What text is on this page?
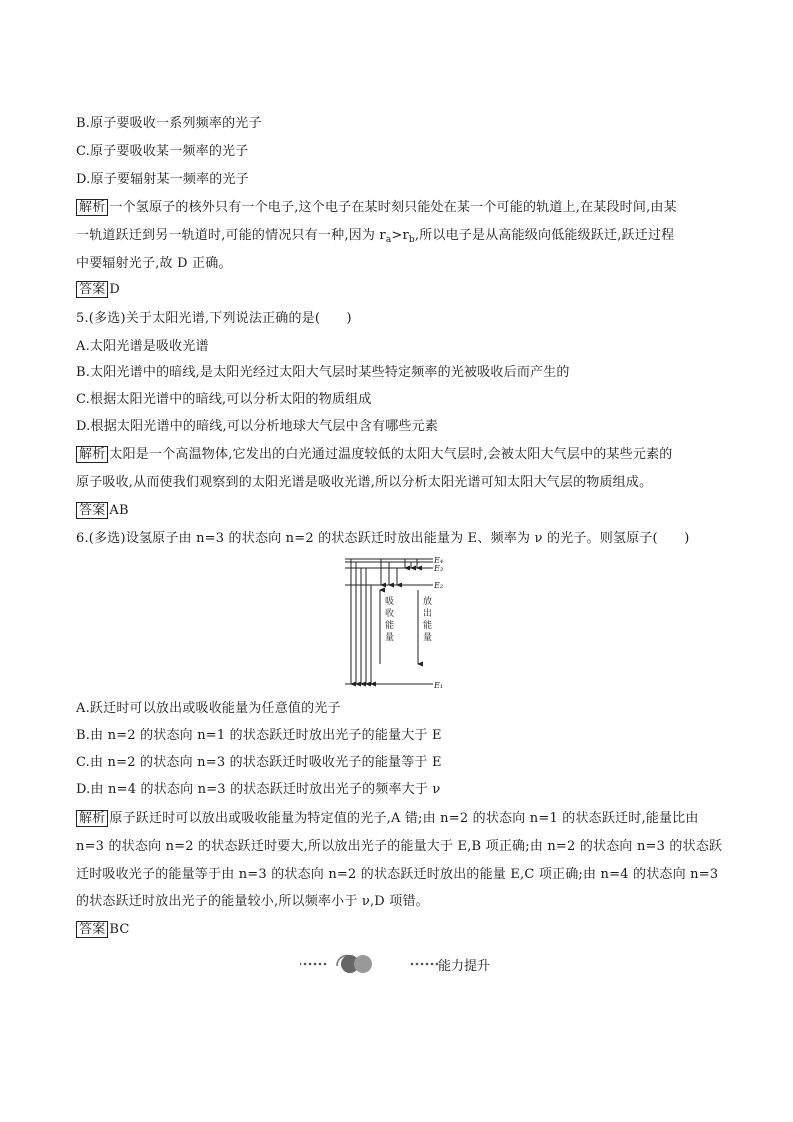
B.原子要吸收一系列频率的光子
C.原子要吸收某一频率的光子
D.原子要辐射某一频率的光子
解析 一个氢原子的核外只有一个电子,这个电子在某时刻只能处在某一个可能的轨道上,在某段时间,由某
一轨道跃迁到另一轨道时,可能的情况只有一种,因为 $r_a>r_b$,所以电子是从高能级向低能级跃迁,跃迁过程
中要辐射光子,故 D 正确。
答案 D
5.(多选)关于太阳光谱,下列说法正确的是(　　)
A.太阳光谱是吸收光谱
B.太阳光谱中的暗线,是太阳光经过太阳大气层时某些特定频率的光被吸收后而产生的
C.根据太阳光谱中的暗线,可以分析太阳的物质组成
D.根据太阳光谱中的暗线,可以分析地球大气层中含有哪些元素
解析 太阳是一个高温物体,它发出的白光通过温度较低的太阳大气层时,会被太阳大气层中的某些元素的
原子吸收,从而使我们观察到的太阳光谱是吸收光谱,所以分析太阳光谱可知太阳大气层的物质组成。
答案 AB
6.(多选)设氢原子由 n=3 的状态向 n=2 的状态跃迁时放出能量为 E、频率为 ν 的光子。则氢原子(　　)
吸
收
能
量
放
出
能
量
E₄
E₃
E₂
E₁
A.跃迁时可以放出或吸收能量为任意值的光子
B.由 n=2 的状态向 n=1 的状态跃迁时放出光子的能量大于 E
C.由 n=2 的状态向 n=3 的状态跃迁时吸收光子的能量等于 E
D.由 n=4 的状态向 n=3 的状态跃迁时放出光子的频率大于 ν
解析 原子跃迁时可以放出或吸收能量为特定值的光子,A 错;由 n=2 的状态向 n=1 的状态跃迁时,能量比由
n=3 的状态向 n=2 的状态跃迁时要大,所以放出光子的能量大于 E,B 项正确;由 n=2 的状态向 n=3 的状态跃
迁时吸收光子的能量等于由 n=3 的状态向 n=2 的状态跃迁时放出的能量 E,C 项正确;由 n=4 的状态向 n=3
的状态跃迁时放出光子的能量较小,所以频率小于 ν,D 项错。
答案 BC
能力提升
